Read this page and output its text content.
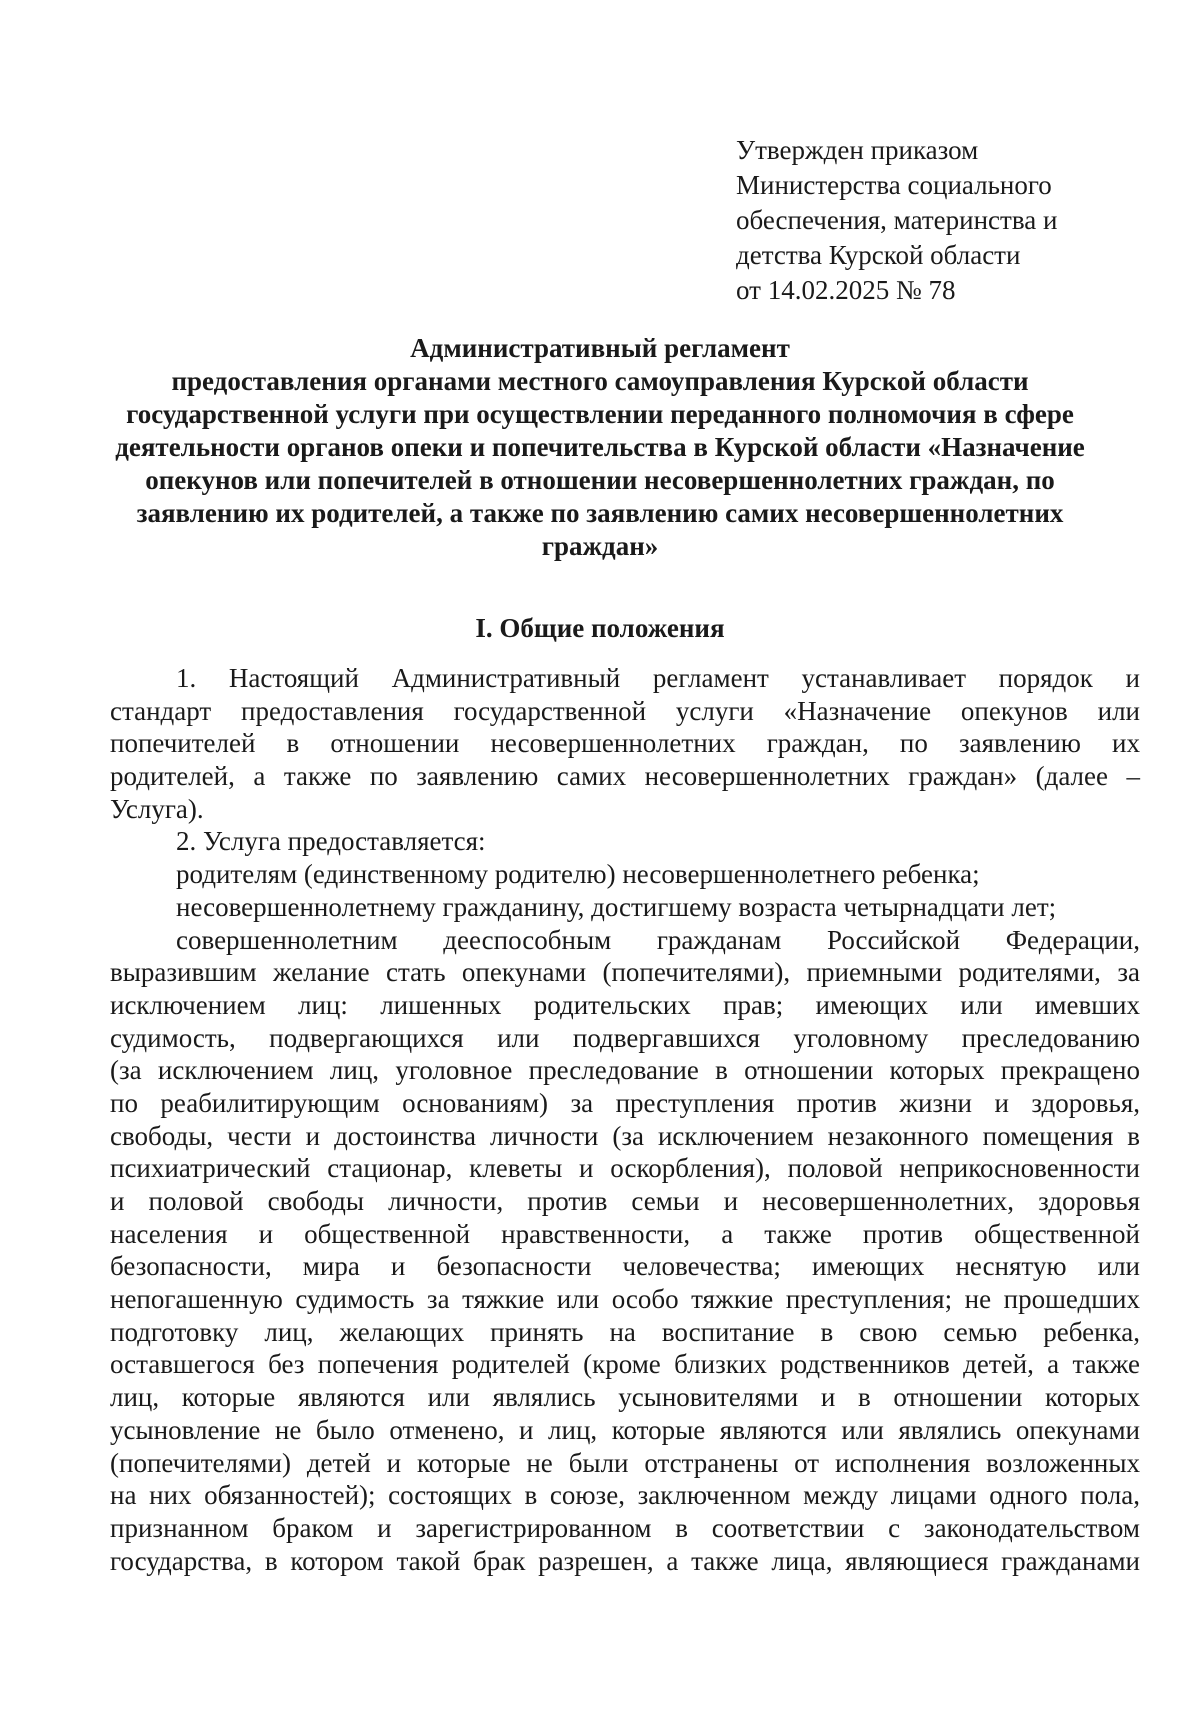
Утвержден приказом
Министерства социального
обеспечения, материнства и
детства Курской области
от 14.02.2025 № 78
Административный регламент
предоставления органами местного самоуправления Курской области
государственной услуги при осуществлении переданного полномочия в сфере
деятельности органов опеки и попечительства в Курской области «Назначение
опекунов или попечителей в отношении несовершеннолетних граждан, по
заявлению их родителей, а также по заявлению самих несовершеннолетних
граждан»
I. Общие положения
1. Настоящий Административный регламент устанавливает порядок и
стандарт предоставления государственной услуги «Назначение опекунов или
попечителей в отношении несовершеннолетних граждан, по заявлению их
родителей, а также по заявлению самих несовершеннолетних граждан» (далее –
Услуга).
2. Услуга предоставляется:
родителям (единственному родителю) несовершеннолетнего ребенка;
несовершеннолетнему гражданину, достигшему возраста четырнадцати лет;
совершеннолетним дееспособным гражданам Российской Федерации,
выразившим желание стать опекунами (попечителями), приемными родителями, за
исключением лиц: лишенных родительских прав; имеющих или имевших
судимость, подвергающихся или подвергавшихся уголовному преследованию
(за исключением лиц, уголовное преследование в отношении которых прекращено
по реабилитирующим основаниям) за преступления против жизни и здоровья,
свободы, чести и достоинства личности (за исключением незаконного помещения в
психиатрический стационар, клеветы и оскорбления), половой неприкосновенности
и половой свободы личности, против семьи и несовершеннолетних, здоровья
населения и общественной нравственности, а также против общественной
безопасности, мира и безопасности человечества; имеющих неснятую или
непогашенную судимость за тяжкие или особо тяжкие преступления; не прошедших
подготовку лиц, желающих принять на воспитание в свою семью ребенка,
оставшегося без попечения родителей (кроме близких родственников детей, а также
лиц, которые являются или являлись усыновителями и в отношении которых
усыновление не было отменено, и лиц, которые являются или являлись опекунами
(попечителями) детей и которые не были отстранены от исполнения возложенных
на них обязанностей); состоящих в союзе, заключенном между лицами одного пола,
признанном браком и зарегистрированном в соответствии с законодательством
государства, в котором такой брак разрешен, а также лица, являющиеся гражданами
